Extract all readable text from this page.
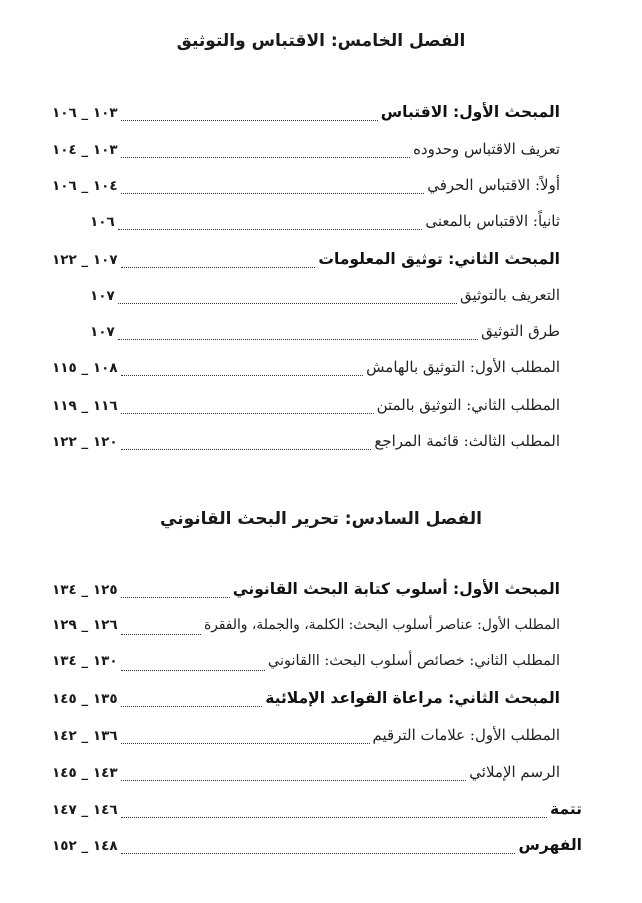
الفصل الخامس: الاقتباس والتوثيق
١٠٣ _ ١٠٦	المبحث الأول: الاقتباس
١٠٣ _ ١٠٤	تعريف الاقتباس وحدوده
١٠٤ _ ١٠٦	أولاً: الاقتباس الحرفي
١٠٦	ثانياً: الاقتباس بالمعنى
١٠٧ _ ١٢٢	المبحث الثاني: توثيق المعلومات
١٠٧	التعريف بالتوثيق
١٠٧	طرق التوثيق
١٠٨ _ ١١٥	المطلب الأول: التوثيق بالهامش
١١٦ _ ١١٩	المطلب الثاني: التوثيق بالمتن
١٢٠ _ ١٢٢	المطلب الثالث: قائمة المراجع
الفصل السادس: تحرير البحث القانوني
١٢٥ _ ١٣٤	المبحث الأول: أسلوب كتابة البحث القانوني
١٢٦ _ ١٢٩	المطلب الأول: عناصر أسلوب البحث: الكلمة، والجملة، والفقرة
١٣٠ _ ١٣٤	المطلب الثاني: خصائص أسلوب البحث: االقانوني
١٣٥ _ ١٤٥	المبحث الثاني: مراعاة القواعد الإملائية
١٣٦ _ ١٤٢	المطلب الأول: علامات الترقيم
١٤٣ _ ١٤٥	الرسم الإملائي
١٤٦ _ ١٤٧	تتمة
١٤٨ _ ١٥٢	الفهرس
